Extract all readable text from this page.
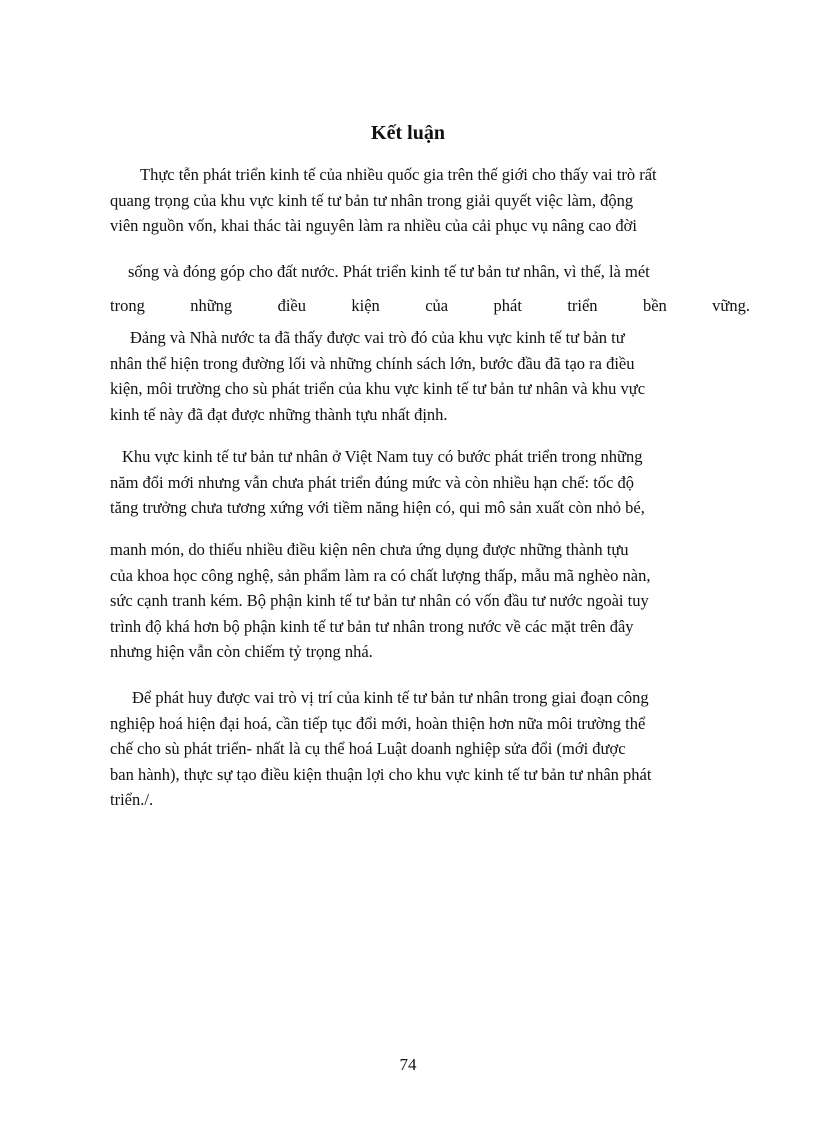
Kết luận
Thực tễn phát triển kinh tế của nhiều quốc gia trên thế giới cho thấy vai trò rất
quang trọng của khu vực kinh tế tư bản tư nhân trong giải quyết việc làm, động
viên nguồn vốn, khai thác tài nguyên làm ra nhiều của cải phục vụ nâng cao đời
sống và đóng góp cho đất nước. Phát triển kinh tế tư bản tư nhân, vì thế, là mét
trong	những	điều	kiện	của	phát	triển	bền	vững.
Đảng và Nhà nước ta đã thấy được vai trò đó của khu vực kinh tế tư bản tư
nhân thể hiện trong đường lối và những chính sách lớn, bước đầu đã tạo ra điều
kiện, môi trường cho sù phát triển của khu vực kinh tế tư bản tư nhân và khu vực
kinh tế này đã đạt được những thành tựu nhất định.
Khu vực kinh tế tư bản tư nhân ở Việt Nam tuy có bước phát triển trong những
năm đổi mới nhưng vẫn chưa phát triển đúng mức và còn nhiều hạn chế: tốc độ
tăng trưởng chưa tương xứng với tiềm năng hiện có, qui mô sản xuất còn nhỏ bé,
manh món, do thiếu nhiều điều kiện nên chưa ứng dụng được những thành tựu
của khoa học công nghệ, sản phẩm làm ra có chất lượng thấp, mẫu mã nghèo nàn,
sức cạnh tranh kém. Bộ phận kinh tế tư bản tư nhân có vốn đầu tư nước ngoài tuy
trình độ khá hơn bộ phận kinh tế tư bản tư nhân trong nước về các mặt trên đây
nhưng hiện vẫn còn chiếm tỷ trọng nhá.
Để phát huy được vai trò vị trí của kinh tế tư bản tư nhân trong giai đoạn công
nghiệp hoá hiện đại hoá, cần tiếp tục đổi mới, hoàn thiện hơn nữa môi trường thể
chế cho sù phát triển- nhất là cụ thể hoá Luật doanh nghiệp sửa đổi (mới được
ban hành), thực sự tạo điều kiện thuận lợi cho khu vực kinh tế tư bản tư nhân phát
triển./.
74
